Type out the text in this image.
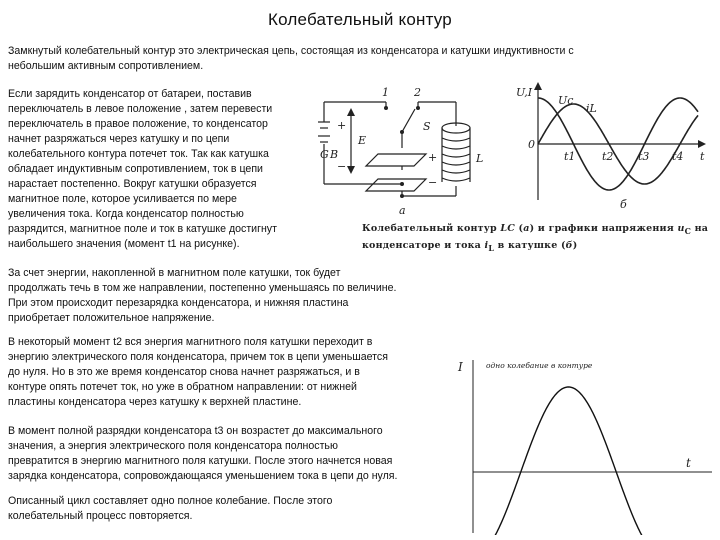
Колебательный контур

Замкнутый колебательный контур это электрическая цепь, состоящая из конденсатора и катушки индуктивности с
небольшим активным сопротивлением.

Если зарядить конденсатор от батареи, поставив
переключатель в левое положение , затем перевести
переключатель в правое положение, то конденсатор
начнет разряжаться через катушку и по цепи
колебательного контура потечет ток. Так как катушка
обладает индуктивным сопротивлением, ток в цепи
нарастает постепенно. Вокруг катушки образуется
магнитное поле, которое усиливается по мере
увеличения тока. Когда конденсатор полностью
разрядится, магнитное поле и ток в катушке достигнут
наибольшего значения (момент t1 на рисунке).

За счет энергии, накопленной в магнитном поле катушки, ток будет
продолжать течь в том же направлении, постепенно уменьшаясь по величине.
При этом происходит перезарядка конденсатора, и нижняя пластина
приобретает положительное напряжение.

В некоторый момент t2 вся энергия магнитного поля катушки переходит в
энергию электрического поля конденсатора, причем ток в цепи уменьшается
до нуля. Но в это же время конденсатор снова начнет разряжаться, и в
контуре опять потечет ток, но уже в обратном направлении: от нижней
пластины конденсатора через катушку к верхней пластине.

В момент полной разрядки конденсатора t3 он возрастет до максимального
значения, а энергия электрического поля конденсатора полностью
превратится в энергию магнитного поля катушки. После этого начнется новая
зарядка конденсатора, сопровождающаяся уменьшением тока в цепи до нуля.

Описанный цикл составляет одно полное колебание. После этого
колебательный процесс повторяется.

1 2
S
+
G B
−
E
+
−
L
а
U,I
Uc
iL
0
t1 t2 t3 t4 t
б
Колебательный контур LC (а) и графики напряжения $u_C$ на
конденсаторе и тока $i_L$ в катушке (б)
I
t
одно колебание в контуре
